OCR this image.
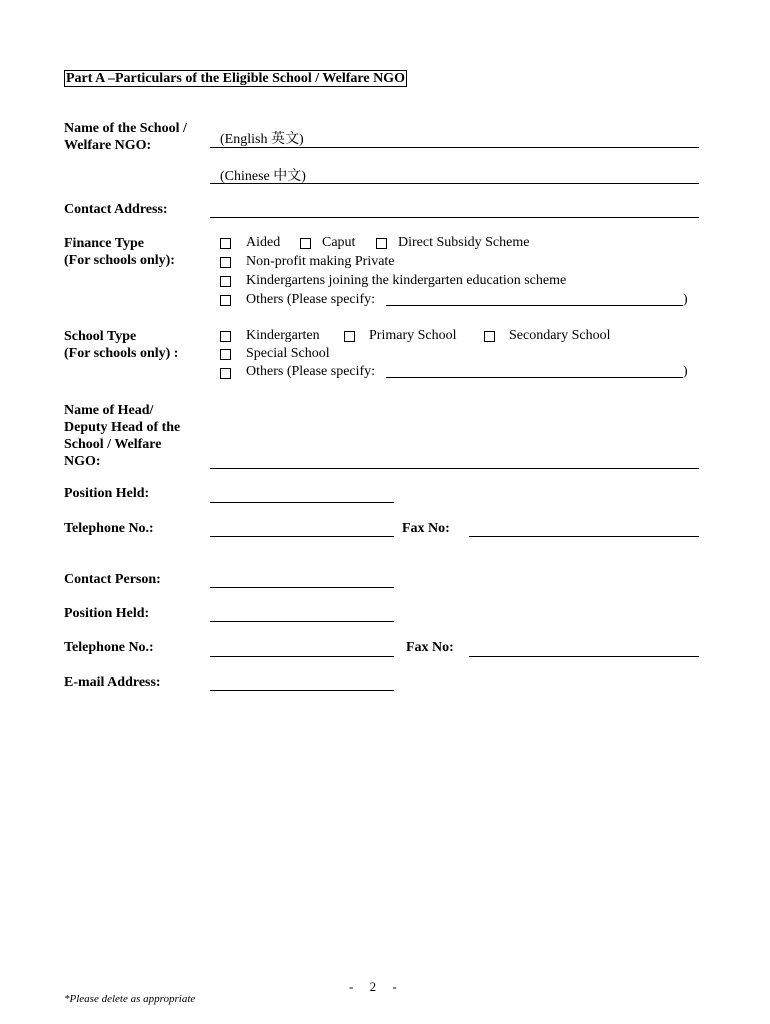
Part A –Particulars of the Eligible School / Welfare NGO
Name of the School /
Welfare NGO:	(English 英文)
(Chinese 中文)
Contact Address:
Finance Type
(For schools only):
Aided	Caput	Direct Subsidy Scheme
Non-profit making Private
Kindergartens joining the kindergarten education scheme
Others (Please specify:	)
School Type
(For schools only) :
Kindergarten	Primary School	Secondary School
Special School
Others (Please specify:	)
Name of Head/
Deputy Head of the
School / Welfare
NGO:
Position Held:
Telephone No.:	Fax No:
Contact Person:
Position Held:
Telephone No.:	Fax No:
E-mail Address:
-     2     -
*Please delete as appropriate
